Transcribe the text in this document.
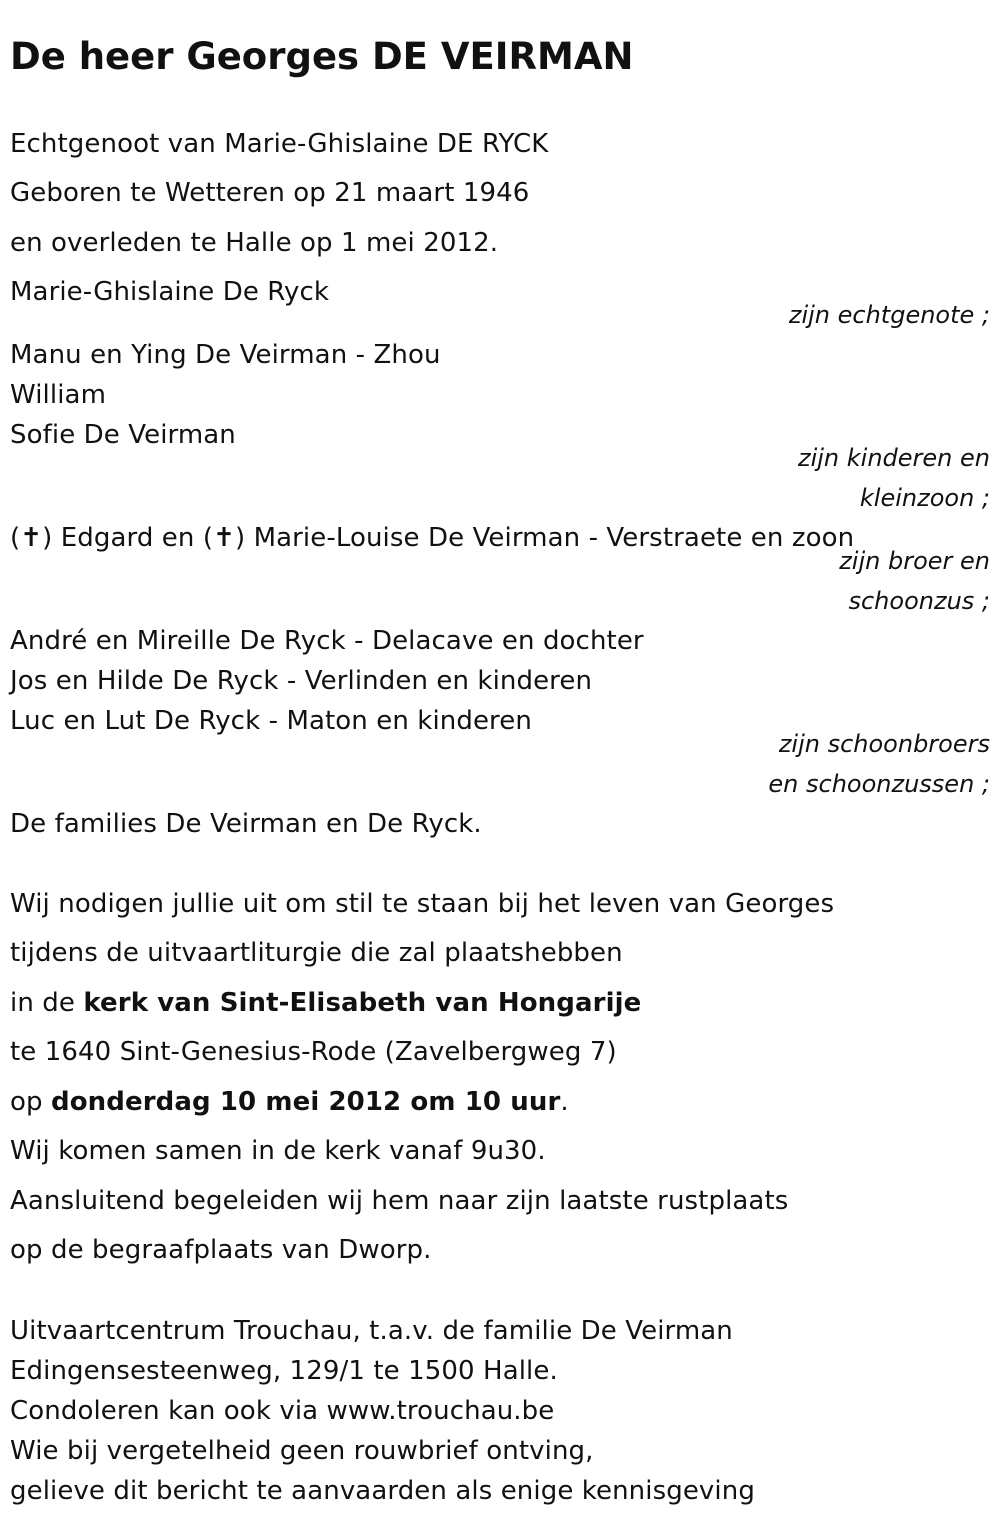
De heer Georges DE VEIRMAN
Echtgenoot van Marie-Ghislaine DE RYCK
Geboren te Wetteren op 21 maart 1946
en overleden te Halle op 1 mei 2012.
Marie-Ghislaine De Ryck
zijn echtgenote ;
Manu en Ying De Veirman - Zhou
William
Sofie De Veirman
zijn kinderen en
kleinzoon ;
(✝) Edgard en (✝) Marie-Louise De Veirman - Verstraete en zoon
zijn broer en
schoonzus ;
André en Mireille De Ryck - Delacave en dochter
Jos en Hilde De Ryck - Verlinden en kinderen
Luc en Lut De Ryck - Maton en kinderen
zijn schoonbroers
en schoonzussen ;
De families De Veirman en De Ryck.
Wij nodigen jullie uit om stil te staan bij het leven van Georges
tijdens de uitvaartliturgie die zal plaatshebben
in de kerk van Sint-Elisabeth van Hongarije
te 1640 Sint-Genesius-Rode (Zavelbergweg 7)
op donderdag 10 mei 2012 om 10 uur.
Wij komen samen in de kerk vanaf 9u30.
Aansluitend begeleiden wij hem naar zijn laatste rustplaats
op de begraafplaats van Dworp.
Uitvaartcentrum Trouchau, t.a.v. de familie De Veirman
Edingensesteenweg, 129/1 te 1500 Halle.
Condoleren kan ook via www.trouchau.be
Wie bij vergetelheid geen rouwbrief ontving,
gelieve dit bericht te aanvaarden als enige kennisgeving
